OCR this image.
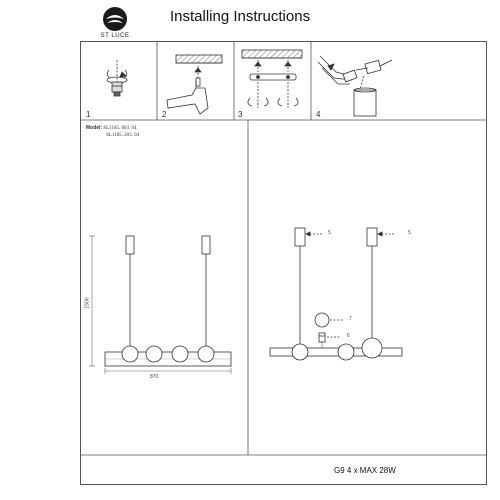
ST LUCE
Installing Instructions
1	2	3	4
Model: SL1185. 803. 04
SL1185. 203. 04
870
1500
5	5
7
6
G9 4 x MAX 28W
